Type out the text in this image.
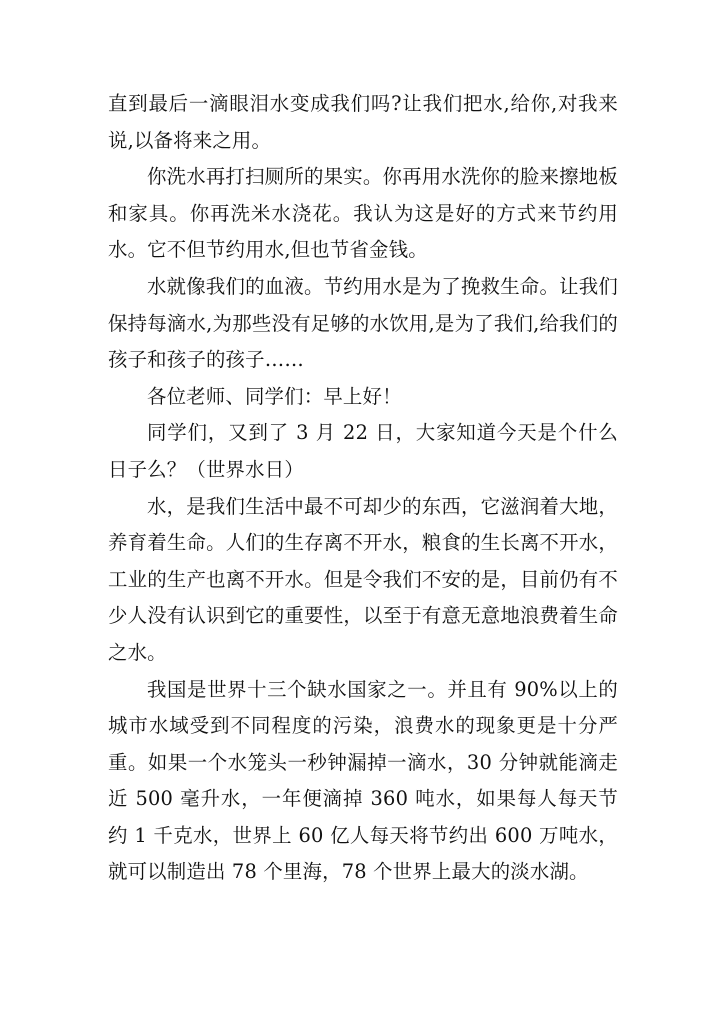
直到最后一滴眼泪水变成我们吗?让我们把水,给你,对我来说,以备将来之用。

你洗水再打扫厕所的果实。你再用水洗你的脸来擦地板和家具。你再洗米水浇花。我认为这是好的方式来节约用水。它不但节约用水,但也节省金钱。

水就像我们的血液。节约用水是为了挽救生命。让我们保持每滴水,为那些没有足够的水饮用,是为了我们,给我们的孩子和孩子的孩子……

各位老师、同学们：早上好！

同学们，又到了 3 月 22 日，大家知道今天是个什么日子么？（世界水日）

水，是我们生活中最不可却少的东西，它滋润着大地，养育着生命。人们的生存离不开水，粮食的生长离不开水，工业的生产也离不开水。但是令我们不安的是，目前仍有不少人没有认识到它的重要性，以至于有意无意地浪费着生命之水。

我国是世界十三个缺水国家之一。并且有 90%以上的城市水域受到不同程度的污染，浪费水的现象更是十分严重。如果一个水笼头一秒钟漏掉一滴水，30 分钟就能滴走近 500 毫升水，一年便滴掉 360 吨水，如果每人每天节约 1 千克水，世界上 60 亿人每天将节约出 600 万吨水，就可以制造出 78 个里海，78 个世界上最大的淡水湖。
